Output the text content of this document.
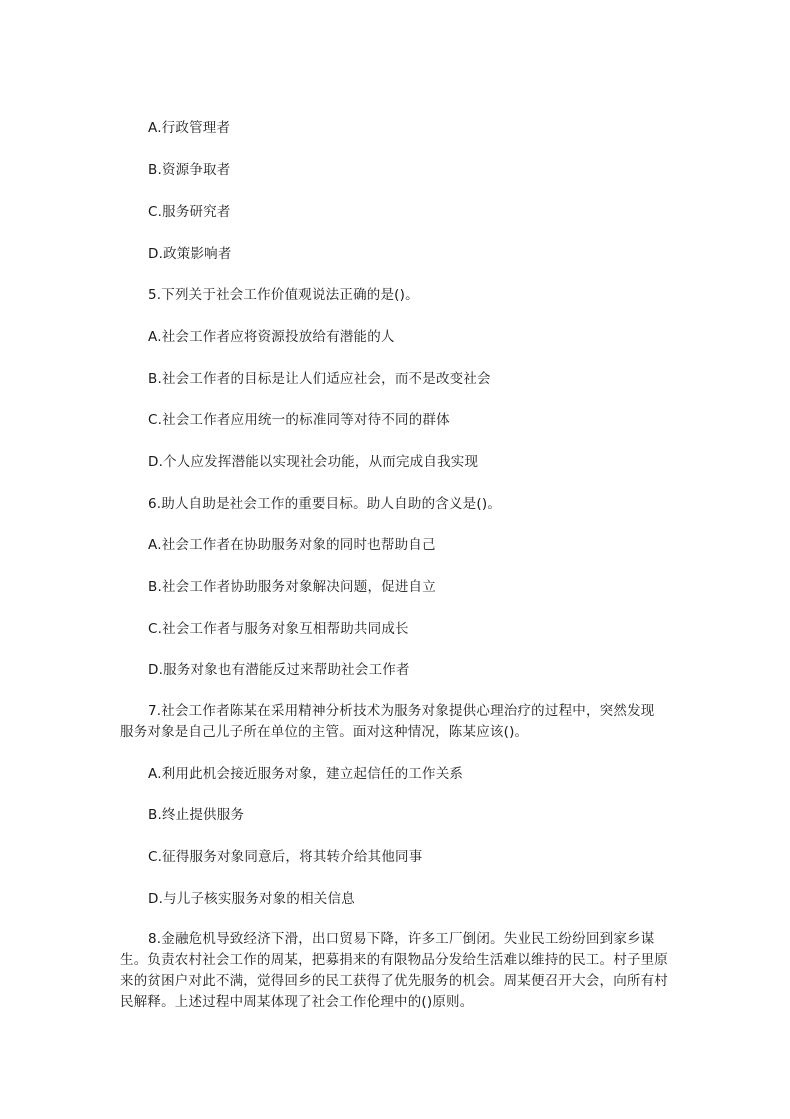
A.行政管理者
B.资源争取者
C.服务研究者
D.政策影响者
5.下列关于社会工作价值观说法正确的是()。
A.社会工作者应将资源投放给有潜能的人
B.社会工作者的目标是让人们适应社会，而不是改变社会
C.社会工作者应用统一的标准同等对待不同的群体
D.个人应发挥潜能以实现社会功能，从而完成自我实现
6.助人自助是社会工作的重要目标。助人自助的含义是()。
A.社会工作者在协助服务对象的同时也帮助自己
B.社会工作者协助服务对象解决问题，促进自立
C.社会工作者与服务对象互相帮助共同成长
D.服务对象也有潜能反过来帮助社会工作者
7.社会工作者陈某在采用精神分析技术为服务对象提供心理治疗的过程中，突然发现服务对象是自己儿子所在单位的主管。面对这种情况，陈某应该()。
A.利用此机会接近服务对象，建立起信任的工作关系
B.终止提供服务
C.征得服务对象同意后，将其转介给其他同事
D.与儿子核实服务对象的相关信息
8.金融危机导致经济下滑，出口贸易下降，许多工厂倒闭。失业民工纷纷回到家乡谋生。负责农村社会工作的周某，把募捐来的有限物品分发给生活难以维持的民工。村子里原来的贫困户对此不满，觉得回乡的民工获得了优先服务的机会。周某便召开大会，向所有村民解释。上述过程中周某体现了社会工作伦理中的()原则。
